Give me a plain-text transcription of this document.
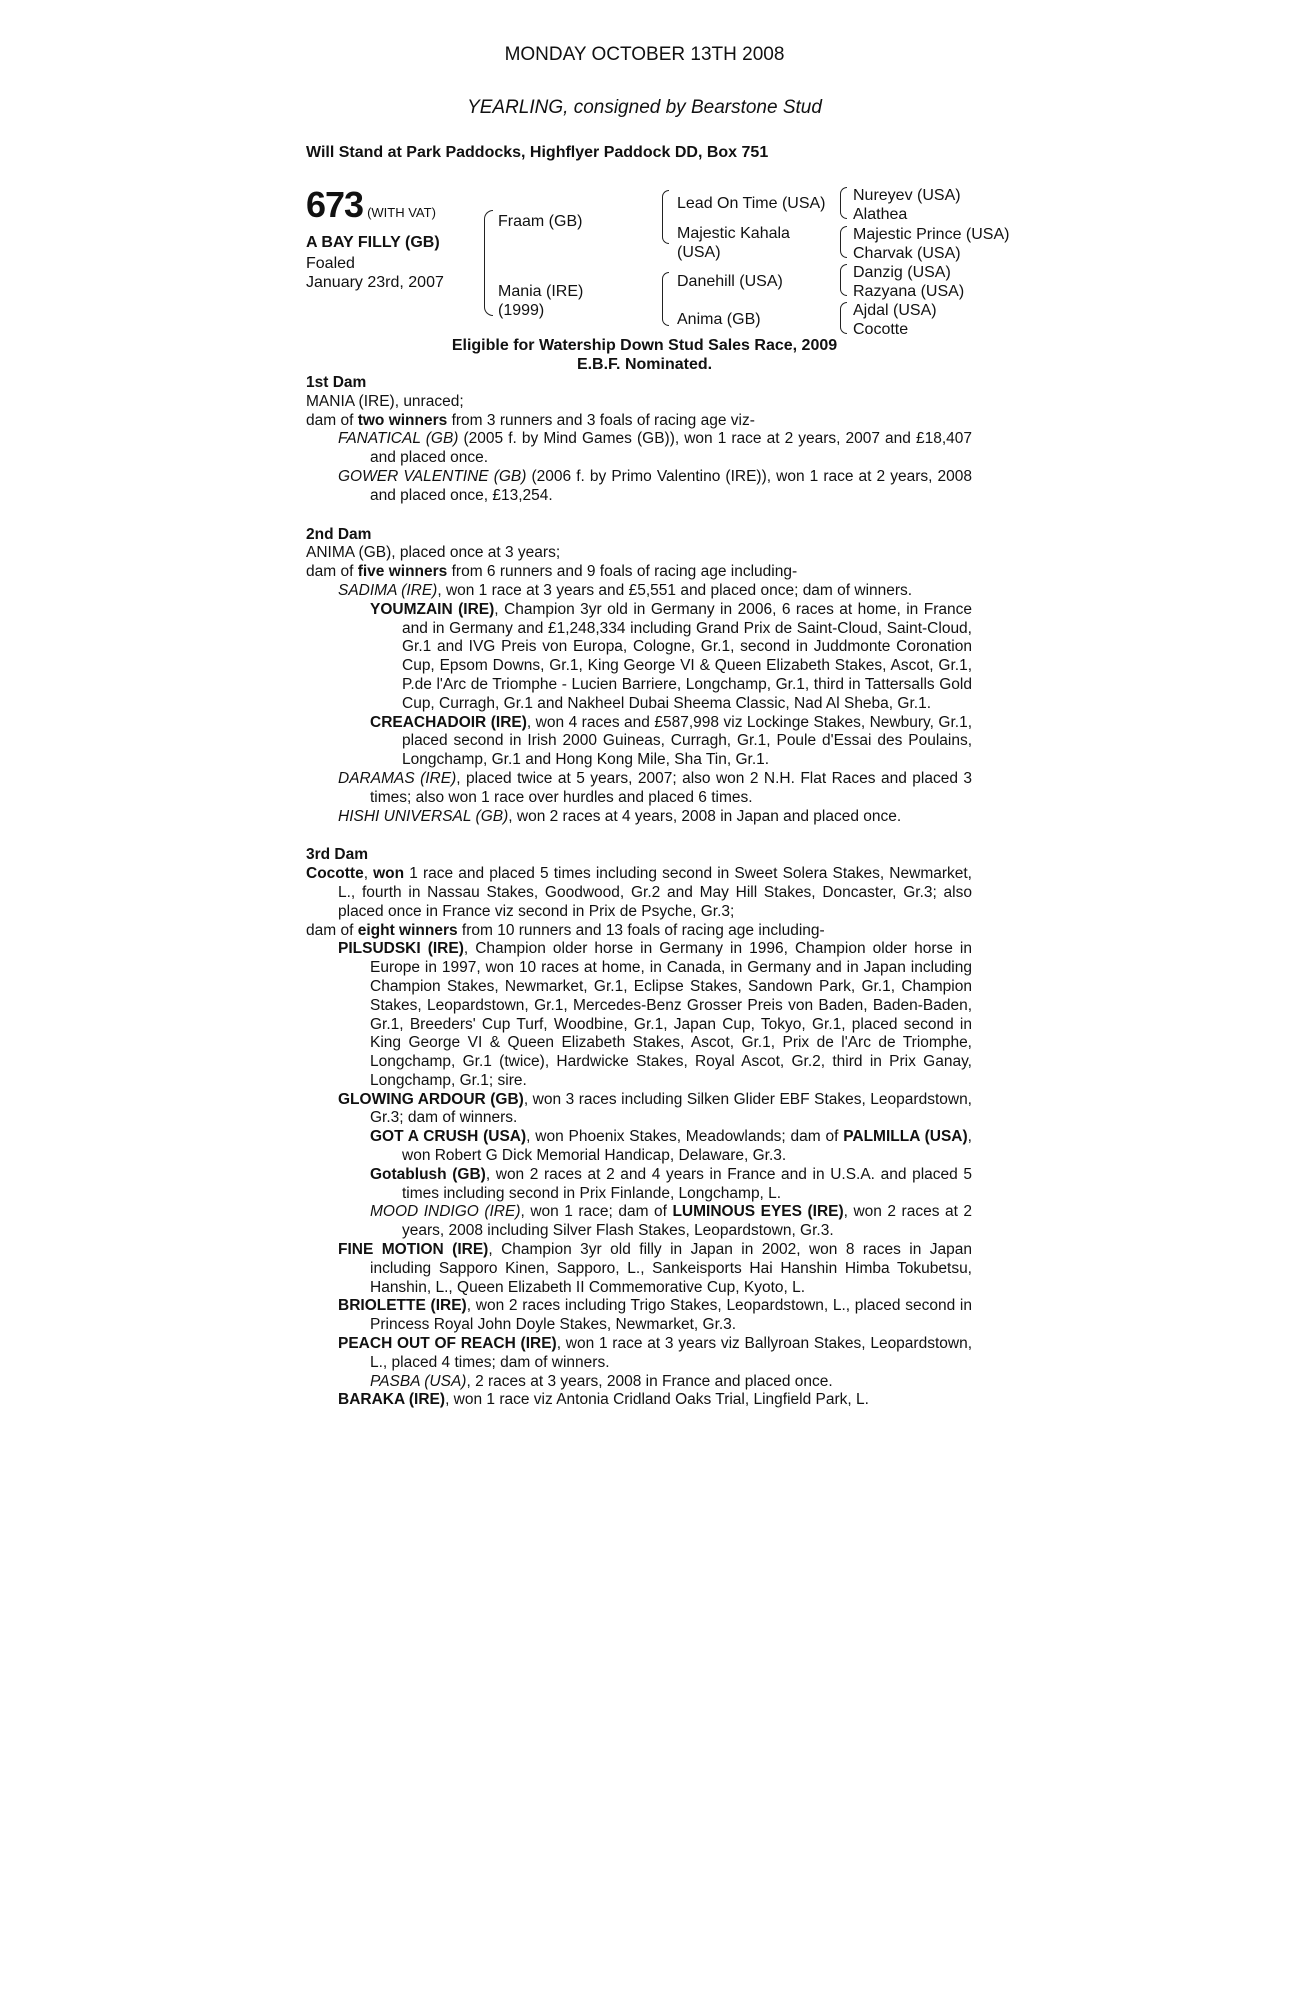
MONDAY OCTOBER 13TH 2008
YEARLING, consigned by Bearstone Stud
Will Stand at Park Paddocks, Highflyer Paddock DD, Box 751
673 (WITH VAT)
A BAY FILLY (GB)
Foaled
January 23rd, 2007
Fraam (GB)
Mania (IRE)
(1999)
Lead On Time (USA)
Majestic Kahala
(USA)
Danehill (USA)
Anima (GB)
Nureyev (USA)
Alathea
Majestic Prince (USA)
Charvak (USA)
Danzig (USA)
Razyana (USA)
Ajdal (USA)
Cocotte
Eligible for Watership Down Stud Sales Race, 2009
E.B.F. Nominated.

1st Dam

MANIA (IRE), unraced;

dam of two winners from 3 runners and 3 foals of racing age viz-

FANATICAL (GB) (2005 f. by Mind Games (GB)), won 1 race at 2 years, 2007 and £18,407 and placed once.

GOWER VALENTINE (GB) (2006 f. by Primo Valentino (IRE)), won 1 race at 2 years, 2008 and placed once, £13,254.

2nd Dam

ANIMA (GB), placed once at 3 years;

dam of five winners from 6 runners and 9 foals of racing age including-

SADIMA (IRE), won 1 race at 3 years and £5,551 and placed once; dam of winners.

YOUMZAIN (IRE), Champion 3yr old in Germany in 2006, 6 races at home, in France and in Germany and £1,248,334 including Grand Prix de Saint-Cloud, Saint-Cloud, Gr.1 and IVG Preis von Europa, Cologne, Gr.1, second in Juddmonte Coronation Cup, Epsom Downs, Gr.1, King George VI & Queen Elizabeth Stakes, Ascot, Gr.1, P.de l'Arc de Triomphe - Lucien Barriere, Longchamp, Gr.1, third in Tattersalls Gold Cup, Curragh, Gr.1 and Nakheel Dubai Sheema Classic, Nad Al Sheba, Gr.1.

CREACHADOIR (IRE), won 4 races and £587,998 viz Lockinge Stakes, Newbury, Gr.1, placed second in Irish 2000 Guineas, Curragh, Gr.1, Poule d'Essai des Poulains, Longchamp, Gr.1 and Hong Kong Mile, Sha Tin, Gr.1.

DARAMAS (IRE), placed twice at 5 years, 2007; also won 2 N.H. Flat Races and placed 3 times; also won 1 race over hurdles and placed 6 times.

HISHI UNIVERSAL (GB), won 2 races at 4 years, 2008 in Japan and placed once.

3rd Dam

Cocotte, won 1 race and placed 5 times including second in Sweet Solera Stakes, Newmarket, L., fourth in Nassau Stakes, Goodwood, Gr.2 and May Hill Stakes, Doncaster, Gr.3; also placed once in France viz second in Prix de Psyche, Gr.3;

dam of eight winners from 10 runners and 13 foals of racing age including-

PILSUDSKI (IRE), Champion older horse in Germany in 1996, Champion older horse in Europe in 1997, won 10 races at home, in Canada, in Germany and in Japan including Champion Stakes, Newmarket, Gr.1, Eclipse Stakes, Sandown Park, Gr.1, Champion Stakes, Leopardstown, Gr.1, Mercedes-Benz Grosser Preis von Baden, Baden-Baden, Gr.1, Breeders' Cup Turf, Woodbine, Gr.1, Japan Cup, Tokyo, Gr.1, placed second in King George VI & Queen Elizabeth Stakes, Ascot, Gr.1, Prix de l'Arc de Triomphe, Longchamp, Gr.1 (twice), Hardwicke Stakes, Royal Ascot, Gr.2, third in Prix Ganay, Longchamp, Gr.1; sire.

GLOWING ARDOUR (GB), won 3 races including Silken Glider EBF Stakes, Leopardstown, Gr.3; dam of winners.

GOT A CRUSH (USA), won Phoenix Stakes, Meadowlands; dam of PALMILLA (USA), won Robert G Dick Memorial Handicap, Delaware, Gr.3.

Gotablush (GB), won 2 races at 2 and 4 years in France and in U.S.A. and placed 5 times including second in Prix Finlande, Longchamp, L.

MOOD INDIGO (IRE), won 1 race; dam of LUMINOUS EYES (IRE), won 2 races at 2 years, 2008 including Silver Flash Stakes, Leopardstown, Gr.3.

FINE MOTION (IRE), Champion 3yr old filly in Japan in 2002, won 8 races in Japan including Sapporo Kinen, Sapporo, L., Sankeisports Hai Hanshin Himba Tokubetsu, Hanshin, L., Queen Elizabeth II Commemorative Cup, Kyoto, L.

BRIOLETTE (IRE), won 2 races including Trigo Stakes, Leopardstown, L., placed second in Princess Royal John Doyle Stakes, Newmarket, Gr.3.

PEACH OUT OF REACH (IRE), won 1 race at 3 years viz Ballyroan Stakes, Leopardstown, L., placed 4 times; dam of winners.

PASBA (USA), 2 races at 3 years, 2008 in France and placed once.

BARAKA (IRE), won 1 race viz Antonia Cridland Oaks Trial, Lingfield Park, L.
